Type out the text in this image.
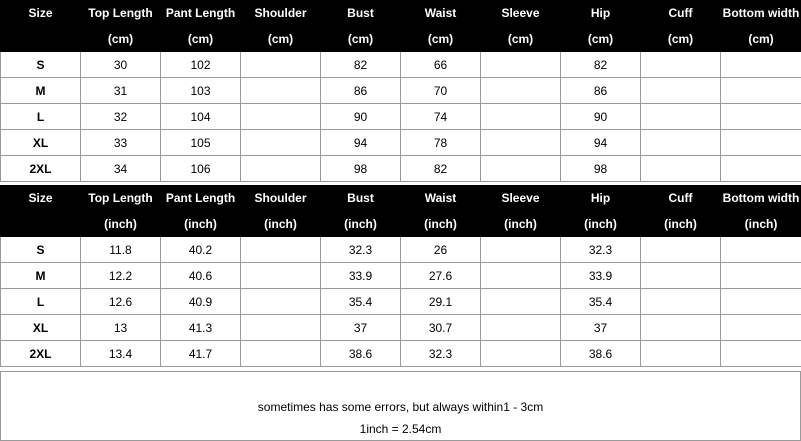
Size	Top Length	Pant Length	Shoulder	Bust	Waist	Sleeve	Hip	Cuff	Bottom width
	(cm)	(cm)	(cm)	(cm)	(cm)	(cm)	(cm)	(cm)	(cm)
S	30	102		82	66		82		
M	31	103		86	70		86		
L	32	104		90	74		90		
XL	33	105		94	78		94		
2XL	34	106		98	82		98		
Size	Top Length	Pant Length	Shoulder	Bust	Waist	Sleeve	Hip	Cuff	Bottom width
	(inch)	(inch)	(inch)	(inch)	(inch)	(inch)	(inch)	(inch)	(inch)
S	11.8	40.2		32.3	26		32.3		
M	12.2	40.6		33.9	27.6		33.9		
L	12.6	40.9		35.4	29.1		35.4		
XL	13	41.3		37	30.7		37		
2XL	13.4	41.7		38.6	32.3		38.6		
sometimes has some errors, but always within1 - 3cm
1inch = 2.54cm
